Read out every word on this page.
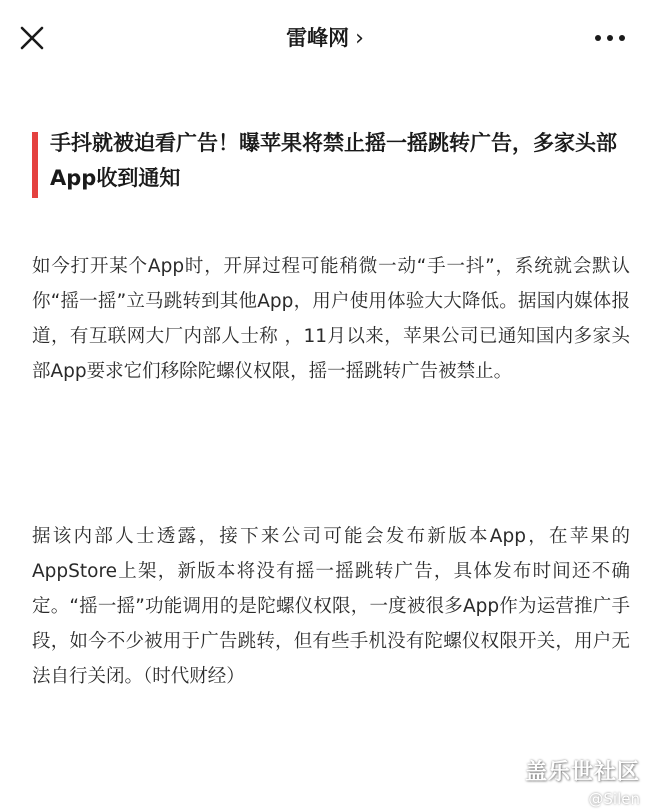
雷峰网 ›
手抖就被迫看广告！曝苹果将禁止摇一摇跳转广告，多家头部App收到通知

如今打开某个App时，开屏过程可能稍微一动“手一抖”，系统就会默认你“摇一摇”立马跳转到其他App，用户使用体验大大降低。据国内媒体报道，有互联网大厂内部人士称 ，11月以来，苹果公司已通知国内多家头部App要求它们移除陀螺仪权限，摇一摇跳转广告被禁止。

据该内部人士透露，接下来公司可能会发布新版本App，在苹果的AppStore上架，新版本将没有摇一摇跳转广告，具体发布时间还不确定。“摇一摇”功能调用的是陀螺仪权限，一度被很多App作为运营推广手段，如今不少被用于广告跳转，但有些手机没有陀螺仪权限开关，用户无法自行关闭。（时代财经）

盖乐世社区
@Silen
